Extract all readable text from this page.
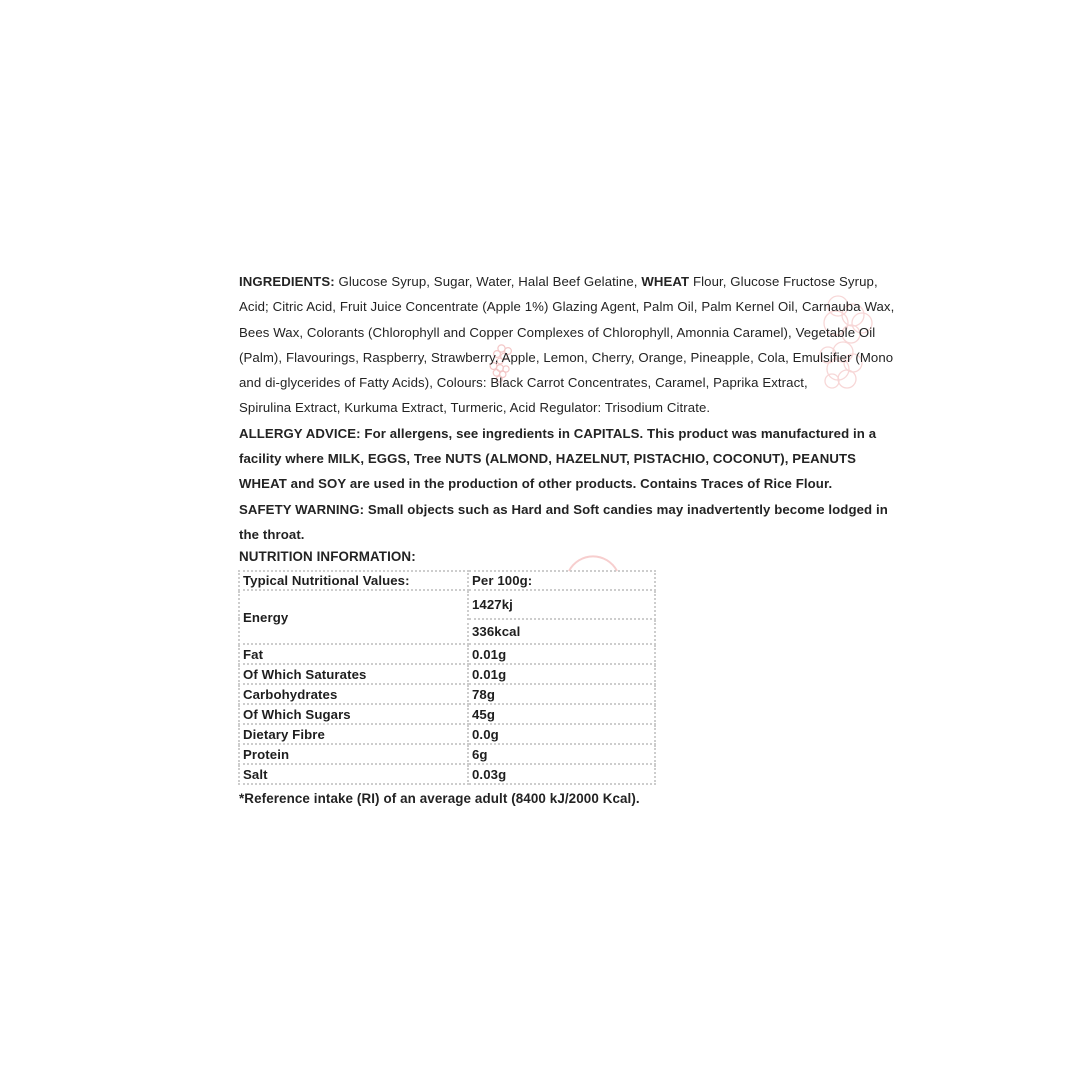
INGREDIENTS: Glucose Syrup, Sugar, Water, Halal Beef Gelatine, WHEAT Flour, Glucose Fructose Syrup,
Acid; Citric Acid, Fruit Juice Concentrate (Apple 1%) Glazing Agent, Palm Oil, Palm Kernel Oil, Carnauba Wax,
Bees Wax, Colorants (Chlorophyll and Copper Complexes of Chlorophyll, Amonnia Caramel), Vegetable Oil
(Palm), Flavourings, Raspberry, Strawberry, Apple, Lemon, Cherry, Orange, Pineapple, Cola, Emulsifier (Mono
and di-glycerides of Fatty Acids), Colours: Black Carrot Concentrates, Caramel, Paprika Extract,
Spirulina Extract, Kurkuma Extract, Turmeric, Acid Regulator: Trisodium Citrate.
ALLERGY ADVICE: For allergens, see ingredients in CAPITALS. This product was manufactured in a
facility where MILK, EGGS, Tree NUTS (ALMOND, HAZELNUT, PISTACHIO, COCONUT), PEANUTS
WHEAT and SOY are used in the production of other products. Contains Traces of Rice Flour.
SAFETY WARNING: Small objects such as Hard and Soft candies may inadvertently become lodged in
the throat.
NUTRITION INFORMATION:
Typical Nutritional Values:	Per 100g:
Energy	1427kj
	336kcal
Fat	0.01g
Of Which Saturates	0.01g
Carbohydrates	78g
Of Which Sugars	45g
Dietary Fibre	0.0g
Protein	6g
Salt	0.03g
*Reference intake (RI) of an average adult (8400 kJ/2000 Kcal).
